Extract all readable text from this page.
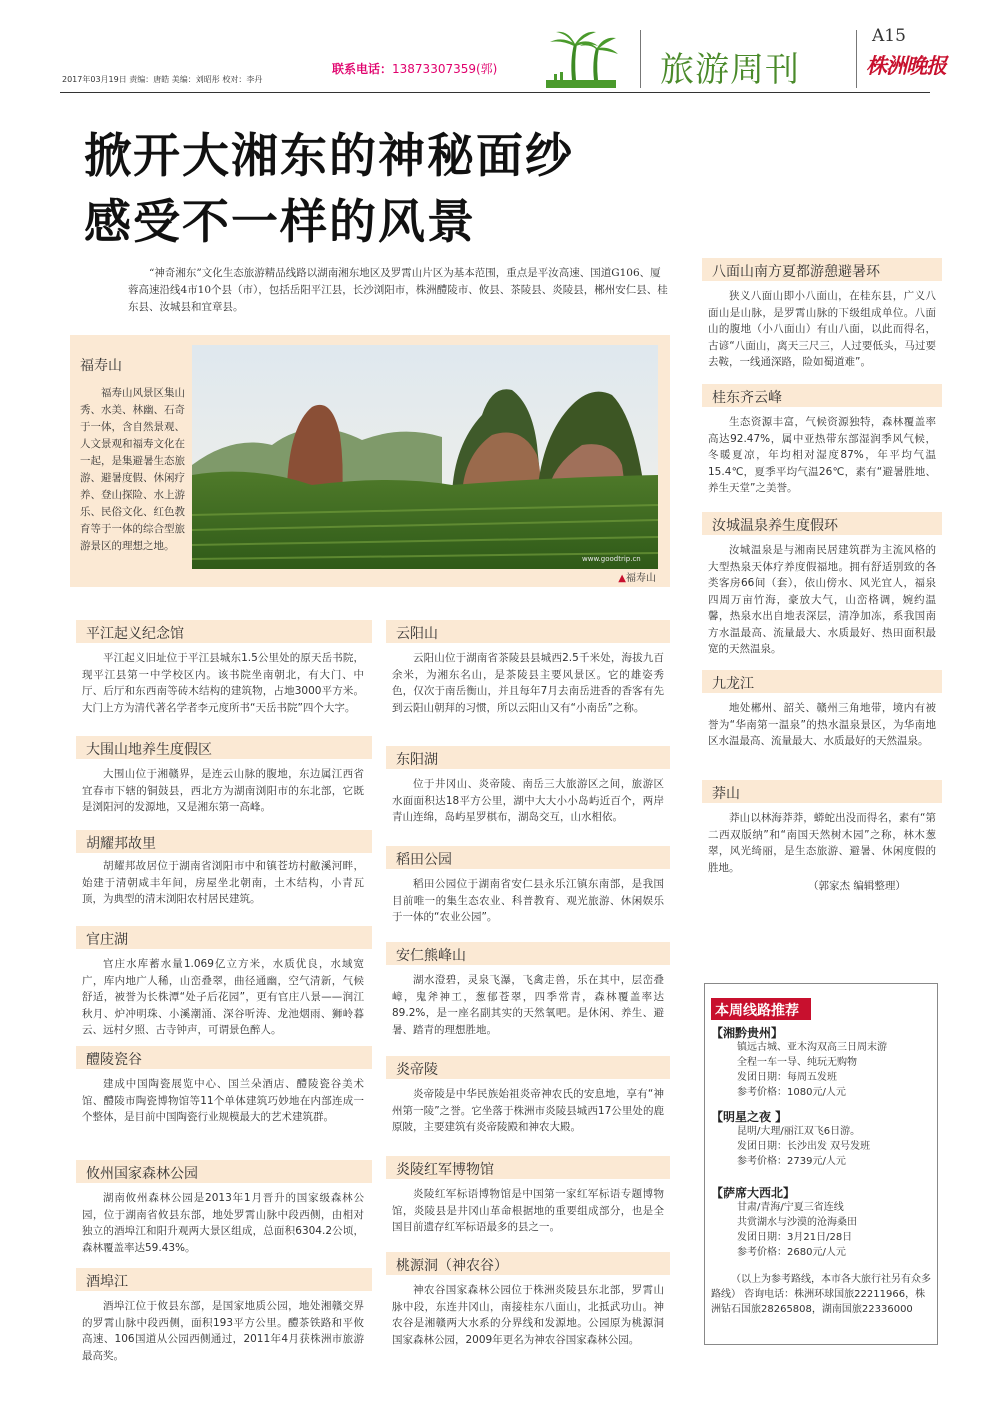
2017年03月19日 责编：唐皓 美编：刘昭彤 校对：李丹
联系电话：13873307359(郭)	旅游周刊
A15
株洲晚报
掀开大湘东的神秘面纱
感受不一样的风景
“神奇湘东”文化生态旅游精品线路以湖南湘东地区及罗霄山片区为基本范围，重点是平汝高速、国道G106、厦蓉高速沿线4市10个县（市），包括岳阳平江县，长沙浏阳市，株洲醴陵市、攸县、茶陵县、炎陵县，郴州安仁县、桂东县、汝城县和宜章县。
福寿山
福寿山风景区集山秀、水美、林幽、石奇于一体，含自然景观、人文景观和福寿文化在一起，是集避暑生态旅游、避暑度假、休闲疗养、登山探险、水上游乐、民俗文化、红色教育等于一体的综合型旅游景区的理想之地。
www.goodtrip.cn
▲福寿山
平江起义纪念馆
平江起义旧址位于平江县城东1.5公里处的原天岳书院，现平江县第一中学校区内。该书院坐南朝北，有大门、中厅、后厅和东西南等砖木结构的建筑物，占地3000平方米。大门上方为清代著名学者李元度所书“天岳书院”四个大字。
大围山地养生度假区
大围山位于湘赣界，是连云山脉的腹地，东边属江西省宜春市下辖的铜鼓县，西北方为湖南浏阳市的东北部，它既是浏阳河的发源地，又是湘东第一高峰。
胡耀邦故里
胡耀邦故居位于湖南省浏阳市中和镇苍坊村敝溪河畔，始建于清朝咸丰年间，房屋坐北朝南，土木结构，小青瓦顶，为典型的清末浏阳农村居民建筑。
官庄湖
官庄水库蓄水量1.069亿立方米，水质优良，水域宽广，库内地广人稀，山峦叠翠，曲径通幽，空气清新，气候舒适，被誉为长株潭“处子后花园”，更有官庄八景——润江秋月、炉冲明珠、小溪潮涌、深谷听涛、龙池烟雨、狮岭暮云、远村夕照、古寺钟声，可谓景色醉人。
醴陵瓷谷
建成中国陶瓷展览中心、国兰朵酒店、醴陵瓷谷美术馆、醴陵市陶瓷博物馆等11个单体建筑巧妙地在内部连成一个整体，是目前中国陶瓷行业规模最大的艺术建筑群。
攸州国家森林公园
湖南攸州森林公园是2013年1月晋升的国家级森林公园，位于湖南省攸县东部，地处罗霄山脉中段西侧，由相对独立的酒埠江和阳升观两大景区组成，总面积6304.2公顷，森林覆盖率达59.43%。
酒埠江
酒埠江位于攸县东部，是国家地质公园，地处湘赣交界的罗霄山脉中段西侧，面积193平方公里。醴茶铁路和平攸高速、106国道从公园西侧通过，2011年4月获株洲市旅游最高奖。
云阳山
云阳山位于湖南省茶陵县县城西2.5千米处，海拔九百余米，为湘东名山，是茶陵县主要风景区。它的雄姿秀色，仅次于南岳衡山，并且每年7月去南岳进香的香客有先到云阳山朝拜的习惯，所以云阳山又有“小南岳”之称。
东阳湖
位于井冈山、炎帝陵、南岳三大旅游区之间，旅游区水面面积达18平方公里，湖中大大小小岛屿近百个，两岸青山连绵，岛屿星罗棋布，湖岛交互，山水相依。
稻田公园
稻田公园位于湖南省安仁县永乐江镇东南部，是我国目前唯一的集生态农业、科普教育、观光旅游、休闲娱乐于一体的“农业公园”。
安仁熊峰山
湖水澄碧，灵泉飞瀑，飞禽走兽，乐在其中，层峦叠嶂，鬼斧神工，葱郁苍翠，四季常青，森林覆盖率达89.2%，是一座名副其实的天然氧吧。是休闲、养生、避暑、踏青的理想胜地。
炎帝陵
炎帝陵是中华民族始祖炎帝神农氏的安息地，享有“神州第一陵”之誉。它坐落于株洲市炎陵县城西17公里处的鹿原陂，主要建筑有炎帝陵殿和神农大殿。
炎陵红军博物馆
炎陵红军标语博物馆是中国第一家红军标语专题博物馆，炎陵县是井冈山革命根据地的重要组成部分，也是全国目前遗存红军标语最多的县之一。
桃源洞（神农谷）
神农谷国家森林公园位于株洲炎陵县东北部，罗霄山脉中段，东连井冈山，南接桂东八面山，北抵武功山。神农谷是湘赣两大水系的分界线和发源地。公园原为桃源洞国家森林公园，2009年更名为神农谷国家森林公园。
八面山南方夏都游憩避暑环
狭义八面山即小八面山，在桂东县，广义八面山是山脉，是罗霄山脉的下级组成单位。八面山的腹地（小八面山）有山八面，以此而得名，古谚“八面山，离天三尺三，人过要低头，马过要去鞍，一线通深路，险如蜀道难”。
桂东齐云峰
生态资源丰富，气候资源独特，森林覆盖率高达92.47%，属中亚热带东部湿润季风气候，冬暖夏凉，年均相对湿度87%，年平均气温15.4℃，夏季平均气温26℃，素有“避暑胜地、养生天堂”之美誉。
汝城温泉养生度假环
汝城温泉是与湘南民居建筑群为主流风格的大型热泉天体疗养度假福地。拥有舒适别致的各类客房66间（套），依山傍水、风光宜人，福泉四周万亩竹海，豪放大气，山峦格调，婉约温馨，热泉水出自地表深层，清净加冻，系我国南方水温最高、流量最大、水质最好、热田面积最宽的天然温泉。
九龙江
地处郴州、韶关、赣州三角地带，境内有被誉为“华南第一温泉”的热水温泉景区，为华南地区水温最高、流量最大、水质最好的天然温泉。
莽山
莽山以林海莽莽，蟒蛇出没而得名，素有“第二西双版纳”和“南国天然树木园”之称，林木葱翠，风光绮丽，是生态旅游、避暑、休闲度假的胜地。
（郭家杰 编辑整理）
本周线路推荐
【湘黔贵州】
镇远古城、亚木沟双高三日周末游
全程一车一导、纯玩无购物
发团日期：每周五发班
参考价格：1080元/人元
【明星之夜 】
昆明/大理/丽江双飞6日游。
发团日期：长沙出发 双号发班
参考价格：2739元/人元
【萨席大西北】
甘肃/青海/宁夏三省连线
共赏湖水与沙漠的沧海桑田
发团日期：3月21日/28日
参考价格：2680元/人元
（以上为参考路线，本市各大旅行社另有众多路线） 咨询电话：株洲环球国旅22211966，株洲钻石国旅28265808，湖南国旅22336000
